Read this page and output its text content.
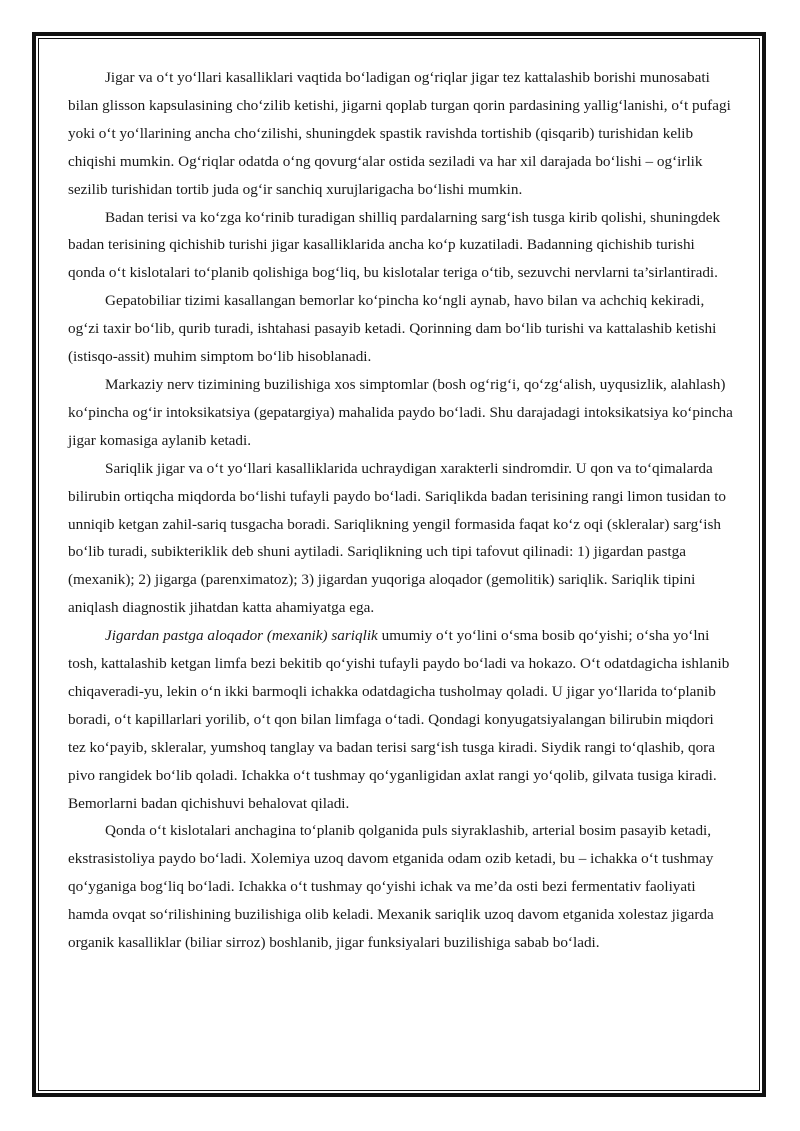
Jigar va o‘t yo‘llari kasalliklari vaqtida bo‘ladigan og‘riqlar jigar tez kattalashib borishi munosabati bilan glisson kapsulasining cho‘zilib ketishi, jigarni qoplab turgan qorin pardasining yallig‘lanishi, o‘t pufagi yoki o‘t yo‘llarining ancha cho‘zilishi, shuningdek spastik ravishda tortishib (qisqarib) turishidan kelib chiqishi mumkin. Og‘riqlar odatda o‘ng qovurg‘alar ostida seziladi va har xil darajada bo‘lishi – og‘irlik sezilib turishidan tortib juda og‘ir sanchiq xurujlarigacha bo‘lishi mumkin.

Badan terisi va ko‘zga ko‘rinib turadigan shilliq pardalarning sarg‘ish tusga kirib qolishi, shuningdek badan terisining qichishib turishi jigar kasalliklarida ancha ko‘p kuzatiladi. Badanning qichishib turishi qonda o‘t kislotalari to‘planib qolishiga bog‘liq, bu kislotalar teriga o‘tib, sezuvchi nervlarni ta’sirlantiradi.

Gepatobiliar tizimi kasallangan bemorlar ko‘pincha ko‘ngli aynab, havo bilan va achchiq kekiradi, og‘zi taxir bo‘lib, qurib turadi, ishtahasi pasayib ketadi. Qorinning dam bo‘lib turishi va kattalashib ketishi (istisqo-assit) muhim simptom bo‘lib hisoblanadi.

Markaziy nerv tizimining buzilishiga xos simptomlar (bosh og‘rig‘i, qo‘zg‘alish, uyqusizlik, alahlash) ko‘pincha og‘ir intoksikatsiya (gepatargiya) mahalida paydo bo‘ladi. Shu darajadagi intoksikatsiya ko‘pincha jigar komasiga aylanib ketadi.

Sariqlik jigar va o‘t yo‘llari kasalliklarida uchraydigan xarakterli sindromdir. U qon va to‘qimalarda bilirubin ortiqcha miqdorda bo‘lishi tufayli paydo bo‘ladi. Sariqlikda badan terisining rangi limon tusidan to unniqib ketgan zahil-sariq tusgacha boradi. Sariqlikning yengil formasida faqat ko‘z oqi (skleralar) sarg‘ish bo‘lib turadi, subikteriklik deb shuni aytiladi. Sariqlikning uch tipi tafovut qilinadi: 1) jigardan pastga (mexanik); 2) jigarga (parenximatoz); 3) jigardan yuqoriga aloqador (gemolitik) sariqlik. Sariqlik tipini aniqlash diagnostik jihatdan katta ahamiyatga ega.

Jigardan pastga aloqador (mexanik) sariqlik umumiy o‘t yo‘lini o‘sma bosib qo‘yishi; o‘sha yo‘lni tosh, kattalashib ketgan limfa bezi bekitib qo‘yishi tufayli paydo bo‘ladi va hokazo. O‘t odatdagicha ishlanib chiqaveradi-yu, lekin o‘n ikki barmoqli ichakka odatdagicha tusholmay qoladi. U jigar yo‘llarida to‘planib boradi, o‘t kapillarlari yorilib, o‘t qon bilan limfaga o‘tadi. Qondagi konyugatsiyalangan bilirubin miqdori tez ko‘payib, skleralar, yumshoq tanglay va badan terisi sarg‘ish tusga kiradi. Siydik rangi to‘qlashib, qora pivo rangidek bo‘lib qoladi. Ichakka o‘t tushmay qo‘yganligidan axlat rangi yo‘qolib, gilvata tusiga kiradi. Bemorlarni badan qichishuvi behalovat qiladi.

Qonda o‘t kislotalari anchagina to‘planib qolganida puls siyraklashib, arterial bosim pasayib ketadi, ekstrasistoliya paydo bo‘ladi. Xolemiya uzoq davom etganida odam ozib ketadi, bu – ichakka o‘t tushmay qo‘yganiga bog‘liq bo‘ladi. Ichakka o‘t tushmay qo‘yishi ichak va me’da osti bezi fermentativ faoliyati hamda ovqat so‘rilishining buzilishiga olib keladi. Mexanik sariqlik uzoq davom etganida xolestaz jigarda organik kasalliklar (biliar sirroz) boshlanib, jigar funksiyalari buzilishiga sabab bo‘ladi.
